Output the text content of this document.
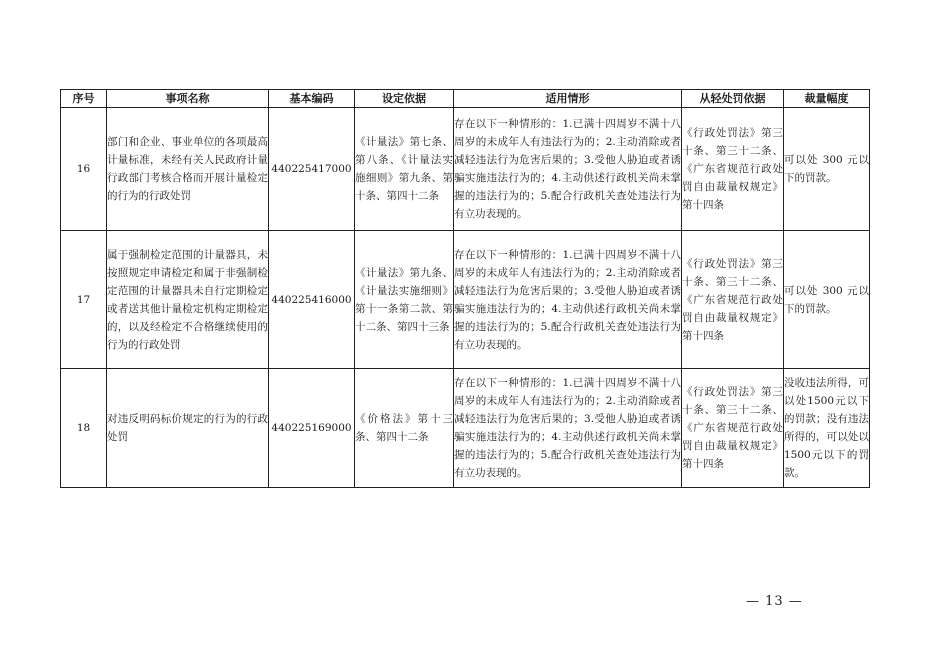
序号	事项名称	基本编码	设定依据	适用情形	从轻处罚依据	裁量幅度
16	部门和企业、事业单位的各项最高计量标准，未经有关人民政府计量行政部门考核合格而开展计量检定的行为的行政处罚	440225417000	《计量法》第七条、第八条、《计量法实施细则》第九条、第十条、第四十二条	存在以下一种情形的：1.已满十四周岁不满十八周岁的未成年人有违法行为的；2.主动消除或者减轻违法行为危害后果的；3.受他人胁迫或者诱骗实施违法行为的；4.主动供述行政机关尚未掌握的违法行为的；5.配合行政机关查处违法行为有立功表现的。	《行政处罚法》第三十条、第三十二条、《广东省规范行政处罚自由裁量权规定》第十四条	可以处 300 元以下的罚款。
17	属于强制检定范围的计量器具，未按照规定申请检定和属于非强制检定范围的计量器具未自行定期检定或者送其他计量检定机构定期检定的，以及经检定不合格继续使用的行为的行政处罚	440225416000	《计量法》第九条、《计量法实施细则》第十一条第二款、第十二条、第四十三条	存在以下一种情形的：1.已满十四周岁不满十八周岁的未成年人有违法行为的；2.主动消除或者减轻违法行为危害后果的；3.受他人胁迫或者诱骗实施违法行为的；4.主动供述行政机关尚未掌握的违法行为的；5.配合行政机关查处违法行为有立功表现的。	《行政处罚法》第三十条、第三十二条、《广东省规范行政处罚自由裁量权规定》第十四条	可以处 300 元以下的罚款。
18	对违反明码标价规定的行为的行政处罚	440225169000	《价格法》第十三条、第四十二条	存在以下一种情形的：1.已满十四周岁不满十八周岁的未成年人有违法行为的；2.主动消除或者减轻违法行为危害后果的；3.受他人胁迫或者诱骗实施违法行为的；4.主动供述行政机关尚未掌握的违法行为的；5.配合行政机关查处违法行为有立功表现的。	《行政处罚法》第三十条、第三十二条、《广东省规范行政处罚自由裁量权规定》第十四条	没收违法所得，可以处1500元以下的罚款；没有违法所得的，可以处以1500元以下的罚款。
— 13 —
